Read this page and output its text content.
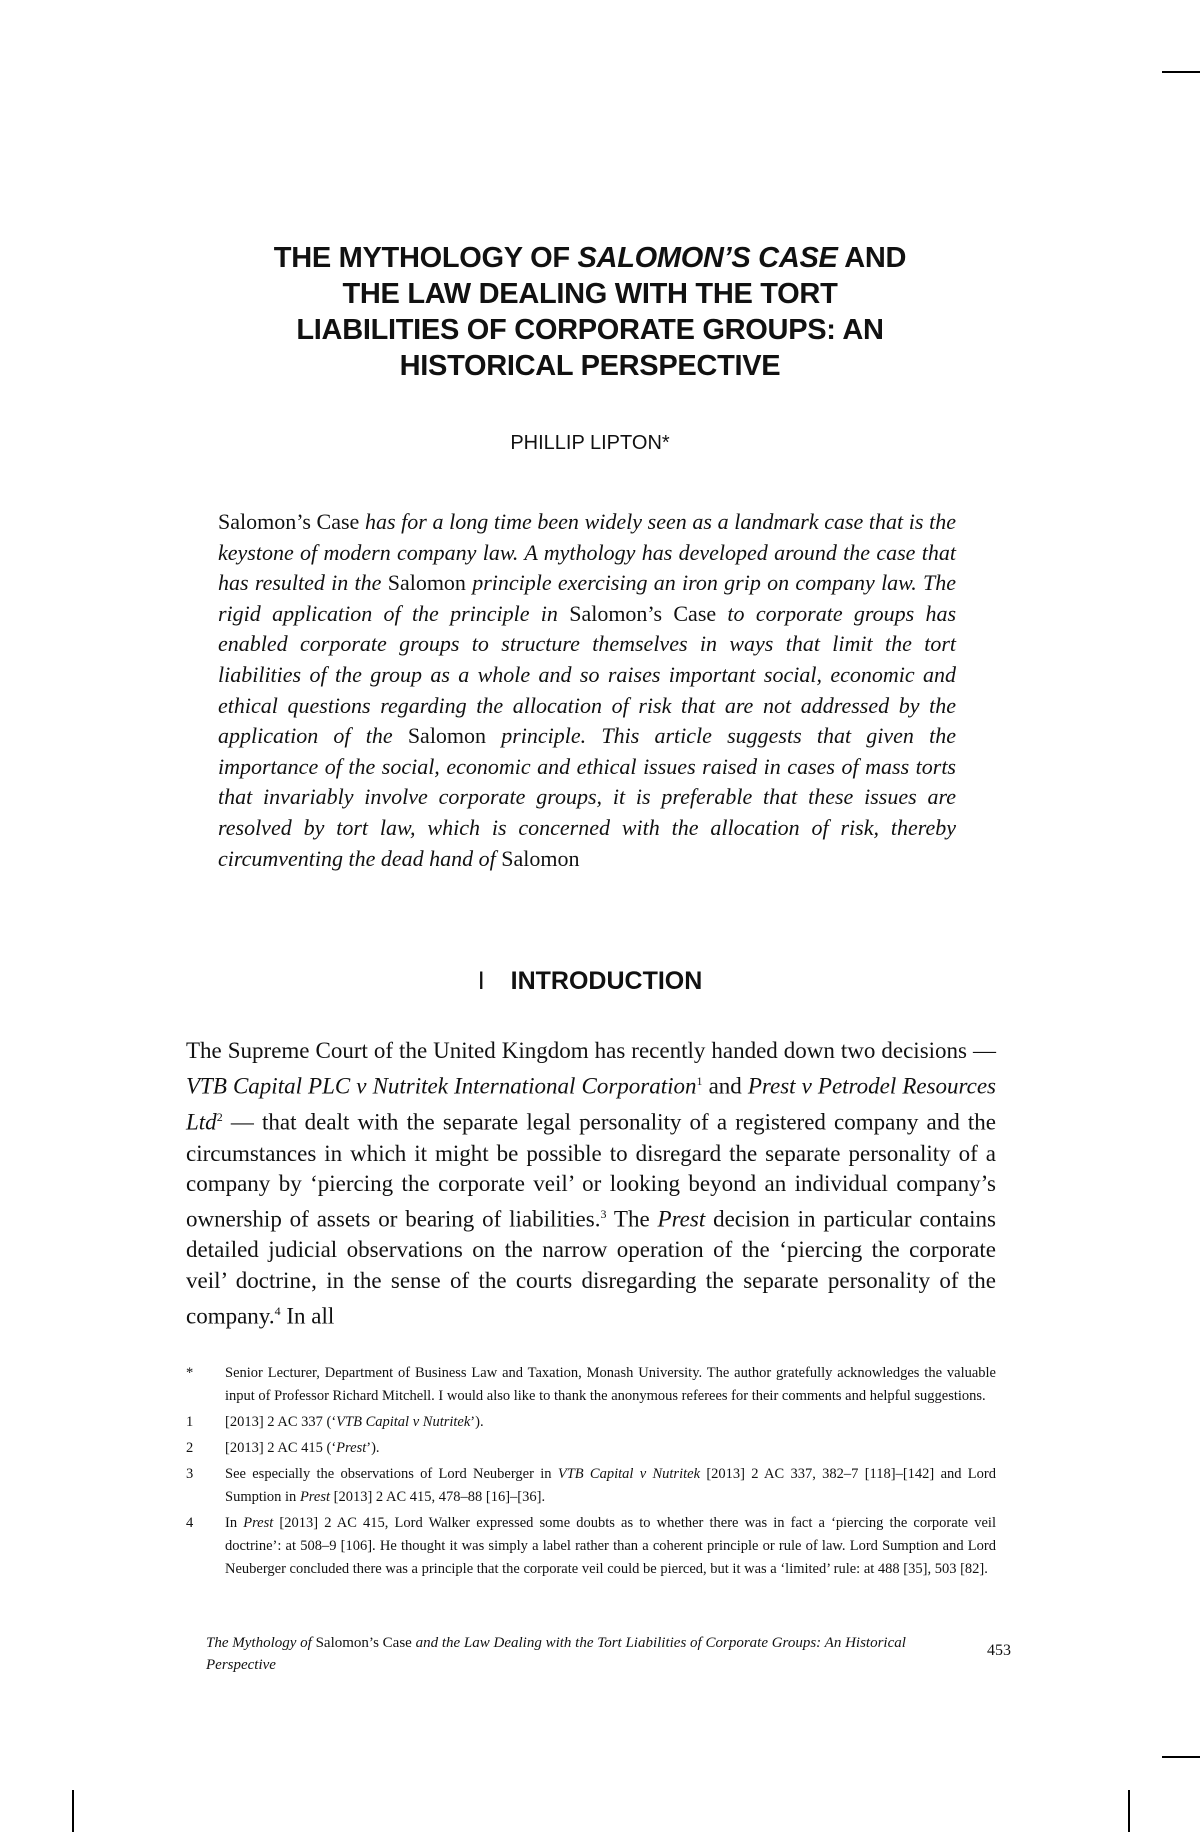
THE MYTHOLOGY OF SALOMON’S CASE AND
THE LAW DEALING WITH THE TORT
LIABILITIES OF CORPORATE GROUPS: AN
HISTORICAL PERSPECTIVE
PHILLIP LIPTON*
Salomon’s Case has for a long time been widely seen as a landmark case that is the keystone of modern company law. A mythology has developed around the case that has resulted in the Salomon principle exercising an iron grip on company law. The rigid application of the principle in Salomon’s Case to corporate groups has enabled corporate groups to structure themselves in ways that limit the tort liabilities of the group as a whole and so raises important social, economic and ethical questions regarding the allocation of risk that are not addressed by the application of the Salomon principle. This article suggests that given the importance of the social, economic and ethical issues raised in cases of mass torts that invariably involve corporate groups, it is preferable that these issues are resolved by tort law, which is concerned with the allocation of risk, thereby circumventing the dead hand of Salomon
I INTRODUCTION
The Supreme Court of the United Kingdom has recently handed down two decisions — VTB Capital PLC v Nutritek International Corporation$^1$ and Prest v Petrodel Resources Ltd$^2$ — that dealt with the separate legal personality of a registered company and the circumstances in which it might be possible to disregard the separate personality of a company by ‘piercing the corporate veil’ or looking beyond an individual company’s ownership of assets or bearing of liabilities.$^3$ The Prest decision in particular contains detailed judicial observations on the narrow operation of the ‘piercing the corporate veil’ doctrine, in the sense of the courts disregarding the separate personality of the company.$^4$ In all
*	Senior Lecturer, Department of Business Law and Taxation, Monash University. The author gratefully acknowledges the valuable input of Professor Richard Mitchell. I would also like to thank the anonymous referees for their comments and helpful suggestions.
1	[2013] 2 AC 337 (‘VTB Capital v Nutritek’).
2	[2013] 2 AC 415 (‘Prest’).
3	See especially the observations of Lord Neuberger in VTB Capital v Nutritek [2013] 2 AC 337, 382–7 [118]–[142] and Lord Sumption in Prest [2013] 2 AC 415, 478–88 [16]–[36].
4	In Prest [2013] 2 AC 415, Lord Walker expressed some doubts as to whether there was in fact a ‘piercing the corporate veil doctrine’: at 508–9 [106]. He thought it was simply a label rather than a coherent principle or rule of law. Lord Sumption and Lord Neuberger concluded there was a principle that the corporate veil could be pierced, but it was a ‘limited’ rule: at 488 [35], 503 [82].
The Mythology of Salomon’s Case and the Law Dealing with the Tort Liabilities of Corporate Groups: An Historical Perspective
453
